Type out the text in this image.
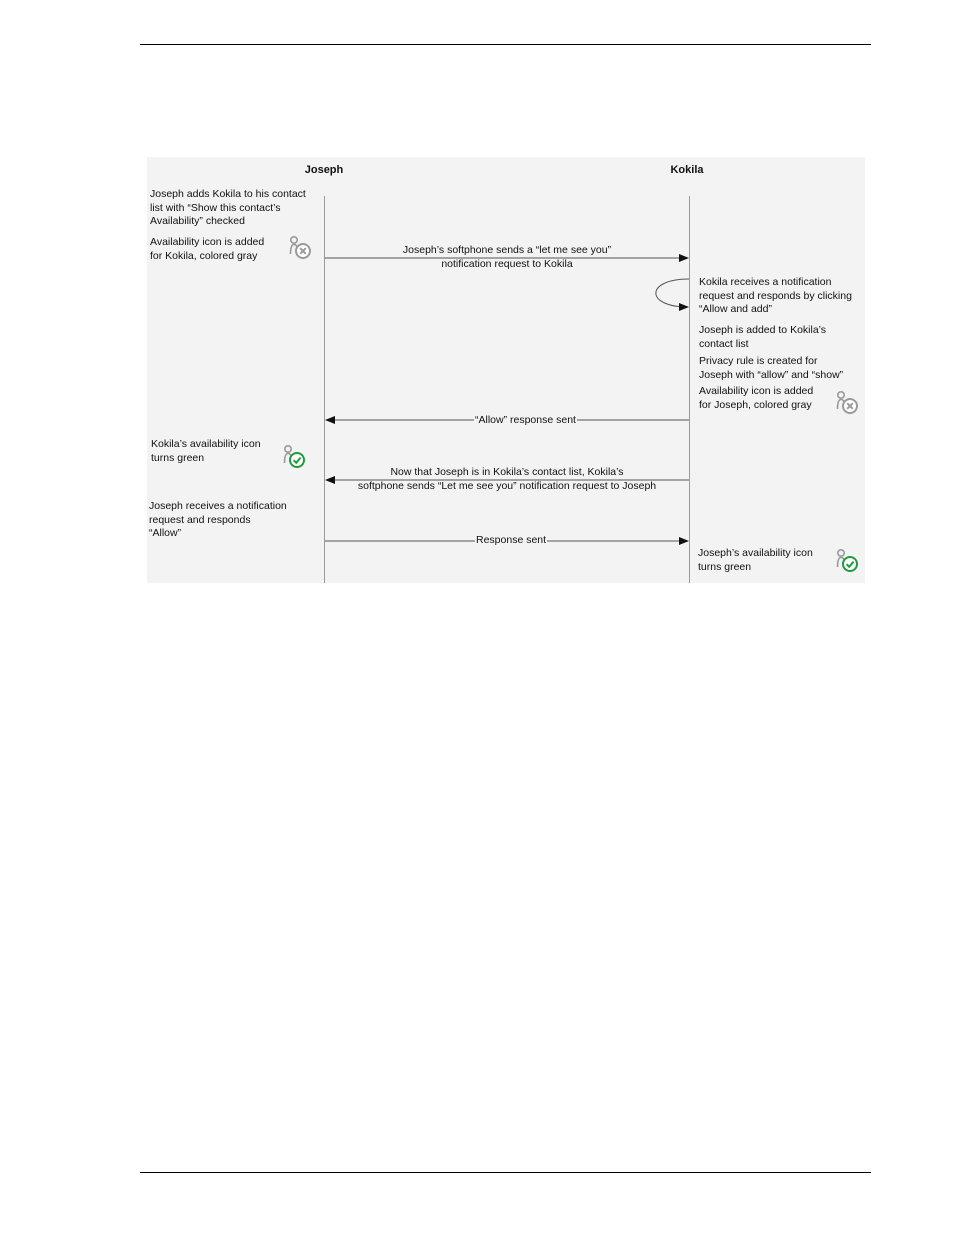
Joseph	Kokila
Joseph adds Kokila to his contact
list with “Show this contact’s
Availability” checked
Availability icon is added
for Kokila, colored gray
Kokila’s availability icon
turns green
Joseph receives a notification
request and responds
“Allow”
Kokila receives a notification
request and responds by clicking
“Allow and add”
Joseph is added to Kokila’s
contact list
Privacy rule is created for
Joseph with “allow” and “show”
Availability icon is added
for Joseph, colored gray
Joseph’s availability icon
turns green
Joseph’s softphone sends a “let me see you”
notification request to Kokila
“Allow” response sent
Now that Joseph is in Kokila’s contact list, Kokila’s
softphone sends “Let me see you” notification request to Joseph
Response sent
